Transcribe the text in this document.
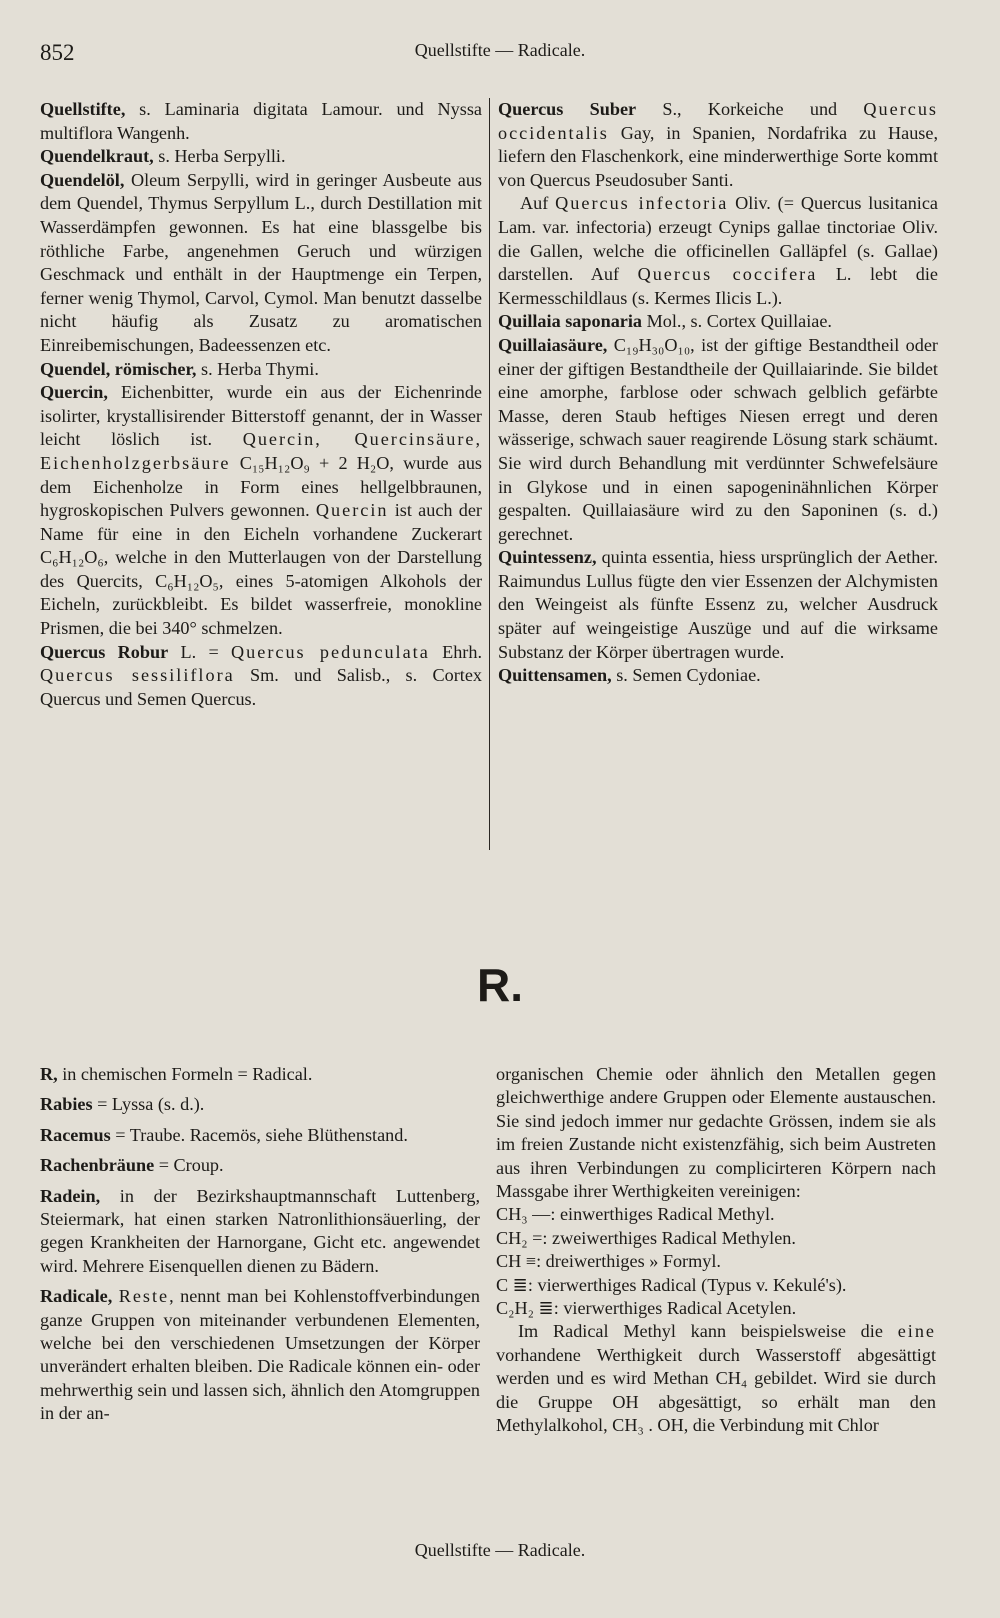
852	Quellstifte — Radicale.

Quellstifte, s. Laminaria digitata Lamour. und Nyssa multiflora Wangenh.

Quendelkraut, s. Herba Serpylli.

Quendelöl, Oleum Serpylli, wird in geringer Ausbeute aus dem Quendel, Thymus Serpyllum L., durch Destillation mit Wasserdämpfen gewonnen. Es hat eine blassgelbe bis röthliche Farbe, angenehmen Geruch und würzigen Geschmack und enthält in der Hauptmenge ein Terpen, ferner wenig Thymol, Carvol, Cymol. Man benutzt dasselbe nicht häufig als Zusatz zu aromatischen Einreibemischungen, Badeessenzen etc.

Quendel, römischer, s. Herba Thymi.

Quercin, Eichenbitter, wurde ein aus der Eichenrinde isolirter, krystallisirender Bitterstoff genannt, der in Wasser leicht löslich ist. Quercin, Quercinsäure, Eichenholzgerbsäure C₁₅H₁₂O₉ + 2 H₂O, wurde aus dem Eichenholze in Form eines hellgelbbraunen, hygroskopischen Pulvers gewonnen. Quercin ist auch der Name für eine in den Eicheln vorhandene Zuckerart C₆H₁₂O₆, welche in den Mutterlaugen von der Darstellung des Quercits, C₆H₁₂O₅, eines 5-atomigen Alkohols der Eicheln, zurückbleibt. Es bildet wasserfreie, monokline Prismen, die bei 340° schmelzen.

Quercus Robur L. = Quercus pedunculata Ehrh. Quercus sessiliflora Sm. und Salisb., s. Cortex Quercus und Semen Quercus.

Quercus Suber S., Korkeiche und Quercus occidentalis Gay, in Spanien, Nordafrika zu Hause, liefern den Flaschenkork, eine minderwerthige Sorte kommt von Quercus Pseudosuber Santi.

Auf Quercus infectoria Oliv. (= Quercus lusitanica Lam. var. infectoria) erzeugt Cynips gallae tinctoriae Oliv. die Gallen, welche die officinellen Galläpfel (s. Gallae) darstellen. Auf Quercus coccifera L. lebt die Kermesschildlaus (s. Kermes Ilicis L.).

Quillaia saponaria Mol., s. Cortex Quillaiae.

Quillaiasäure, C₁₉H₃₀O₁₀, ist der giftige Bestandtheil oder einer der giftigen Bestandtheile der Quillaiarinde. Sie bildet eine amorphe, farblose oder schwach gelblich gefärbte Masse, deren Staub heftiges Niesen erregt und deren wässerige, schwach sauer reagirende Lösung stark schäumt. Sie wird durch Behandlung mit verdünnter Schwefelsäure in Glykose und in einen sapogeninähnlichen Körper gespalten. Quillaiasäure wird zu den Saponinen (s. d.) gerechnet.

Quintessenz, quinta essentia, hiess ursprünglich der Aether. Raimundus Lullus fügte den vier Essenzen der Alchymisten den Weingeist als fünfte Essenz zu, welcher Ausdruck später auf weingeistige Auszüge und auf die wirksame Substanz der Körper übertragen wurde.

Quittensamen, s. Semen Cydoniae.

R.

R, in chemischen Formeln = Radical.

Rabies = Lyssa (s. d.).

Racemus = Traube. Racemös, siehe Blüthenstand.

Rachenbräune = Croup.

Radein, in der Bezirkshauptmannschaft Luttenberg, Steiermark, hat einen starken Natronlithionsäuerling, der gegen Krankheiten der Harnorgane, Gicht etc. angewendet wird. Mehrere Eisenquellen dienen zu Bädern.

Radicale, Reste, nennt man bei Kohlenstoffverbindungen ganze Gruppen von miteinander verbundenen Elementen, welche bei den verschiedenen Umsetzungen der Körper unverändert erhalten bleiben. Die Radicale können ein- oder mehrwerthig sein und lassen sich, ähnlich den Atomgruppen in der an-

organischen Chemie oder ähnlich den Metallen gegen gleichwerthige andere Gruppen oder Elemente austauschen. Sie sind jedoch immer nur gedachte Grössen, indem sie als im freien Zustande nicht existenzfähig, sich beim Austreten aus ihren Verbindungen zu complicirteren Körpern nach Massgabe ihrer Werthigkeiten vereinigen:

CH₃ —: einwerthiges Radical Methyl.

CH₂ =: zweiwerthiges Radical Methylen.

CH ≡: dreiwerthiges » Formyl.

C ≣: vierwerthiges Radical (Typus v. Kekulé's).

C₂H₂ ≣: vierwerthiges Radical Acetylen.

Im Radical Methyl kann beispielsweise die eine vorhandene Werthigkeit durch Wasserstoff abgesättigt werden und es wird Methan CH₄ gebildet. Wird sie durch die Gruppe OH abgesättigt, so erhält man den Methylalkohol, CH₃ . OH, die Verbindung mit Chlor

Quellstifte — Radicale.
